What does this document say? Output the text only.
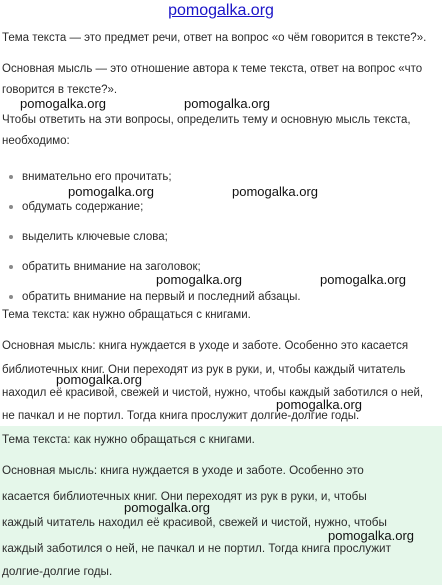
pomogalka.org

Тема текста — это предмет речи, ответ на вопрос «о чём говорится в тексте?».

Основная мысль — это отношение автора к теме текста, ответ на вопрос «что

говорится в тексте?».

Чтобы ответить на эти вопросы, определить тему и основную мысль текста,

необходимо:

внимательно его прочитать;
обдумать содержание;
выделить ключевые слова;
обратить внимание на заголовок;
обратить внимание на первый и последний абзацы.

Тема текста: как нужно обращаться с книгами.

Основная мысль: книга нуждается в уходе и заботе. Особенно это касается

библиотечных книг. Они переходят из рук в руки, и, чтобы каждый читатель

находил её красивой, свежей и чистой, нужно, чтобы каждый заботился о ней,

не пачкал и не портил. Тогда книга прослужит долгие-долгие годы.

Тема текста: как нужно обращаться с книгами.

Основная мысль: книга нуждается в уходе и заботе. Особенно это

касается библиотечных книг. Они переходят из рук в руки, и, чтобы

каждый читатель находил её красивой, свежей и чистой, нужно, чтобы

каждый заботился о ней, не пачкал и не портил. Тогда книга прослужит

долгие-долгие годы.

pomogalka.org	pomogalka.org
pomogalka.org	pomogalka.org
pomogalka.org	pomogalka.org
pomogalka.org
pomogalka.org
pomogalka.org
pomogalka.org
